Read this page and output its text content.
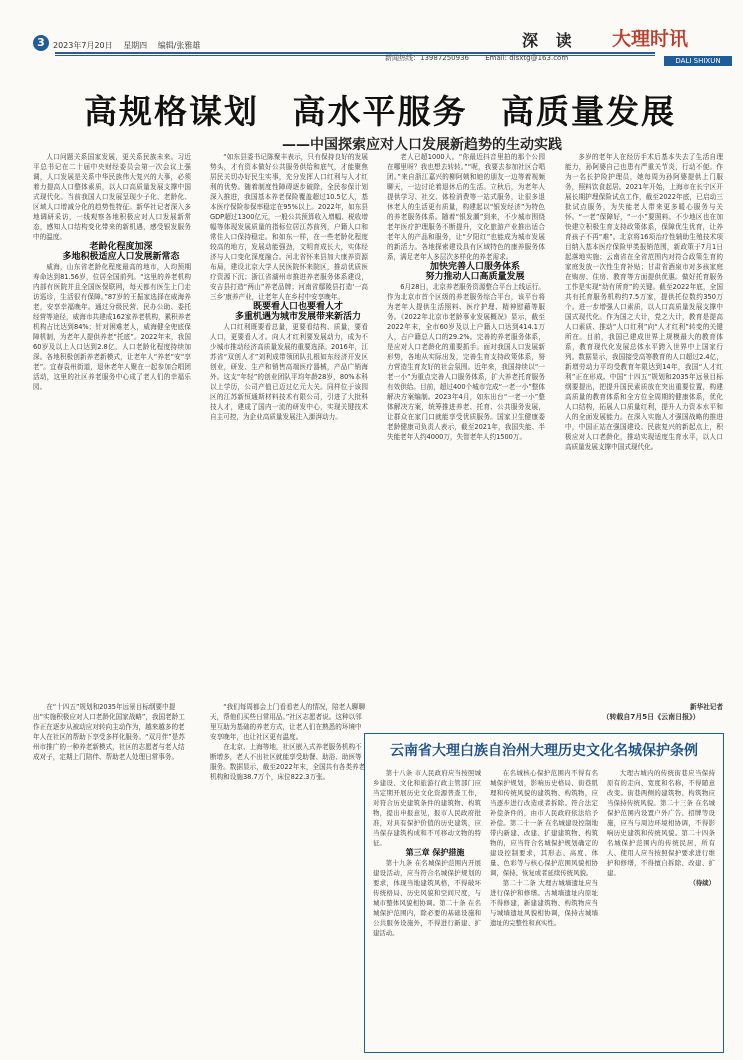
3	2023年7月20日 星期四 编辑/张雅雄
新闻热线：13987250936 Email: dlsxtg@163.com
深 读 大理时讯
DALI SHIXUN
高规格谋划 高水平服务 高质量发展
——中国探索应对人口发展新趋势的生动实践

人口问题关系国家发展，更关系民族未来。习近平总书记在二十届中央财经委员会第一次会议上强调，人口发展是关系中华民族伟大复兴的大事，必须着力提高人口整体素质，以人口高质量发展支撑中国式现代化。当前我国人口发展呈现少子化、老龄化、区域人口增减分化的趋势性特征。新华社记者深入多地调研采访，一线观察各地积极应对人口发展新常态，感知人口结构变化带来的新机遇，感受银发服务中的温度。

老龄化程度加深

多地积极适应人口发展新常态

威海，山东省老龄化程度最高的地市，人均预期寿命达到81.56岁，位居全国前列。“这里的养老机构内部有医院并且全国医保联网，每天都有医生上门走访巡诊，生活很有保障。”87岁的王振家选择在威海养老，安享幸福晚年。通过分级民营、民办公助、委托经营等途径，威海市共建成162家养老机构，累积养老机构占比达到84%；针对困难老人，威海健全兜底保障机制，为老年人提供养老“托底”。2022年末，我国60岁及以上人口达到2.8亿，人口老龄化程度持续加深。各地积极创新养老新模式，让老年人“养老”安“享老”。宜春袁州街道，退休老年人聚在一起参加合唱团活动，这里的社区养老服务中心成了老人们的幸福乐园。

“如东县委书记陈聚丰表示，只有保持良好的发展势头，才有资本做好公共服务供给和底气，才能聚焦居民关切办好民生实事，充分发挥人口红利与人才红利的优势。随着制度性障碍逐步破除，全民参保计划深入推进，我国基本养老保险覆盖超过10.5亿人，基本医疗保险参保率稳定在95%以上。2022年，如东县GDP超过1300亿元，一般公共预算收入增幅、税收增幅等体现发展质量的指标位居江苏前列，户籍人口和常住人口保持稳定。和如东一样，在一些老龄化程度较高的地方，发展动能强劲，文明育成长大，实体经济与人口变化深度融合。河北省怀来县加大康养资源布局，建设北京大学人民医院怀来院区，推动优质医疗资源下沉；浙江省湖州市推进养老服务体系建设，安吉县打造“两山”养老品牌；河南省鄢陵县打造‘一高三乡’康养产业，让老年人在乡村中安享晚年。

既要看人口也要看人才

多重机遇为城市发展带来新活力

人口红利既要看总量，更要看结构、质量，要看人口，更要看人才。向人才红利要发展动力，成为不少城市推动经济高质量发展的重要选择。2016年，江苏省“双创人才”刘利成带领团队扎根如东经济开发区创业，研发、生产和销售高端医疗器械，产品广销海外。这支“年轻”的创业团队平均年龄28岁，80%本科以上学历，公司产值已迈过亿元大关。同样位于该园区的江苏新恒通斯材料技术有限公司，引进了大批科技人才，建成了国内一流的研发中心，实现关键技术自主可控，为企业高质量发展注入澎湃动力。

老人已超1000人。“你最近抖音里拍的那个公园在哪里呀？我也想去转转。”“呢，我要去参加社区合唱团。”来自浙江嘉兴的柳阿姨和她的朋友一边等着视频聊天，一边讨论着退休后的生活。立秋后，为老年人提供学习、社交、体检消费等一站式服务，让很多退休老人的生活更有质量，构建起以“银发经济”为特色的养老服务体系。随着“银发潮”到来，不少城市围绕老年医疗护理服务不断提升，文化旅游产业推出适合老年人的产品和服务，让“夕阳红”也能成为城市发展的新活力。各地探索建设具有区域特色的康养服务体系，满足老年人多层次多样化的养老需求。

加快完善人口服务体系

努力推动人口高质量发展

6月28日，北京养老服务资源整合平台上线运行。作为北京市首个区级的养老服务综合平台，该平台将为老年人提供生活照料、医疗护理、精神慰藉等服务。《2022年北京市老龄事业发展概况》显示，截至2022年末，全市60岁及以上户籍人口达到414.1万人，占户籍总人口的29.2%。完善的养老服务体系，是应对人口老龄化的重要抓手。面对我国人口发展新形势，各地从实际出发，完善生育支持政策体系，努力营造生育友好的社会氛围。近年来，我国持续以“一老一小”为重点完善人口服务体系，扩大养老托育服务有效供给。目前，超过400个城市完成“一老一小”整体解决方案编制。2023年4月，如东出台“一老一小”整体解决方案，统筹推进养老、托育、公共服务发展，让群众在家门口就能享受优质服务。国家卫生健康委老龄健康司负责人表示，截至2021年，我国失能、半失能老年人约4000万，失智老年人约1500万。

多岁的老年人在经历手术后基本失去了生活自理能力，孙阿婆自己也患有严重关节炎，行动不便。作为一名长护险护理员，她每周为孙阿婆提供上门服务，照料饮食起居。2021年开始，上海市在长宁区开展长期护理保险试点工作，截至2022年底，已启动三批试点服务，为失能老人带来更多暖心服务与关怀。“一老”保障好，“一小”要照料。不少地区也在加快建立积极生育支持政策体系，保障优生优育，让养育孩子不再“难”。北京将16项治疗性辅助生殖技术项目纳入基本医疗保险甲类报销范围，新政策于7月1日起落地实施；云南省在全省范围内对符合政策生育的家庭发放一次性生育补贴；甘肃省酒泉市对多孩家庭在购房、住房、教育等方面提供优惠。做好托育服务工作是实现“幼有所育”的关键。截至2022年底，全国共有托育服务机构约7.5万家，提供托位数约350万个。进一步增强人口素质，以人口高质量发展支撑中国式现代化。作为国之大计，党之大计，教育是提高人口素质、推动“人口红利”向“人才红利”转变的关键所在。目前，我国已建成世界上规模最大的教育体系，教育现代化发展总体水平跨入世界中上国家行列。数据显示，我国接受高等教育的人口超过2.4亿，新增劳动力平均受教育年限达到14年，我国“人才红利”正在形成。中国“十四五”规划和2035年远景目标纲要提出，把提升国民素质放在突出重要位置，构建高质量的教育体系和全方位全周期的健康体系，优化人口结构，拓展人口质量红利，提升人力资本水平和人的全面发展能力。在深入实施人才强国战略的推进中，中国正站在强国建设、民族复兴的新起点上，积极应对人口老龄化，推动实现适度生育水平，以人口高质量发展支撑中国式现代化。

在“十四五”规划和2035年远景目标纲要中提出“实施积极应对人口老龄化国家战略”，我国老龄工作正在逐步从被动应对转向主动作为，越来越多的老年人在社区的帮助下享受多样化服务。“双月伴”是苏州市推广的一种养老新模式，社区的志愿者与老人结成对子，定期上门陪伴、帮助老人处理日常事务。

“我们每周都会上门看看老人的情况，陪老人聊聊天，帮他们买些日常用品。”社区志愿者说。这种以邻里互助为基础的养老方式，让老人们在熟悉的环境中安享晚年，也让社区更有温度。

在北京、上海等地，社区嵌入式养老服务机构不断增多，老人不出社区就能享受助餐、助浴、助医等服务。数据显示，截至2022年末，全国共有各类养老机构和设施38.7万个，床位822.3万张。

新华社记者

（转载自7月5日《云南日报》）

云南省大理白族自治州大理历史文化名城保护条例

第十八条 市人民政府应当按照城乡建设、文化和旅游行政主管部门应当定期开展历史文化资源普查工作，对符合历史建筑条件的建筑物、构筑物，提出申报意见，报市人民政府批准，对具有保护价值的历史建筑，应当保存建筑构成和不可移动文物的特征。

第三章 保护措施

第十九条 在名城保护范围内开展建设活动，应当符合名城保护规划的要求，体现当地建筑风格，不得破坏传统格局、历史风貌和空间尺度，与城市整体风貌相协调。第二十条 在名城保护范围内，除必要的基础设施和公共服务设施外，不得进行新建、扩建活动。

在名城核心保护范围内不得有名城保护规划，影响历史格局、街巷肌理和传统风貌的建筑物、构筑物，应当逐步进行改造或者拆除。符合法定补偿条件的，由市人民政府依法给予补偿。第二十一条 在名城建设控制地带内新建、改建、扩建建筑物、构筑物的，应当符合名城保护规划确定的建设控制要求，其形态、高度、体量、色彩等与核心保护范围风貌相协调，保持、恢复或者延续传统风貌。

第二十二条 大理古城墙遗址应当进行保护和修缮。古城墙遗址内原址不得修建，新建建筑物、构筑物应当与城墙遗址风貌相协调，保持古城墙遗址的完整性和真实性。

大理古城内的传统街巷应当保持原有的走向、宽度和名称，不得随意改变。街巷两侧的建筑物、构筑物应当保持传统风貌。第二十三条 在名城保护范围内设置户外广告、招牌等设施，应当与周边环境相协调，不得影响历史建筑和传统风貌。第二十四条 名城保护范围内的传统民居，所有人、使用人应当按照保护要求进行维护和修缮，不得擅自拆除、改建、扩建。

（待续）
